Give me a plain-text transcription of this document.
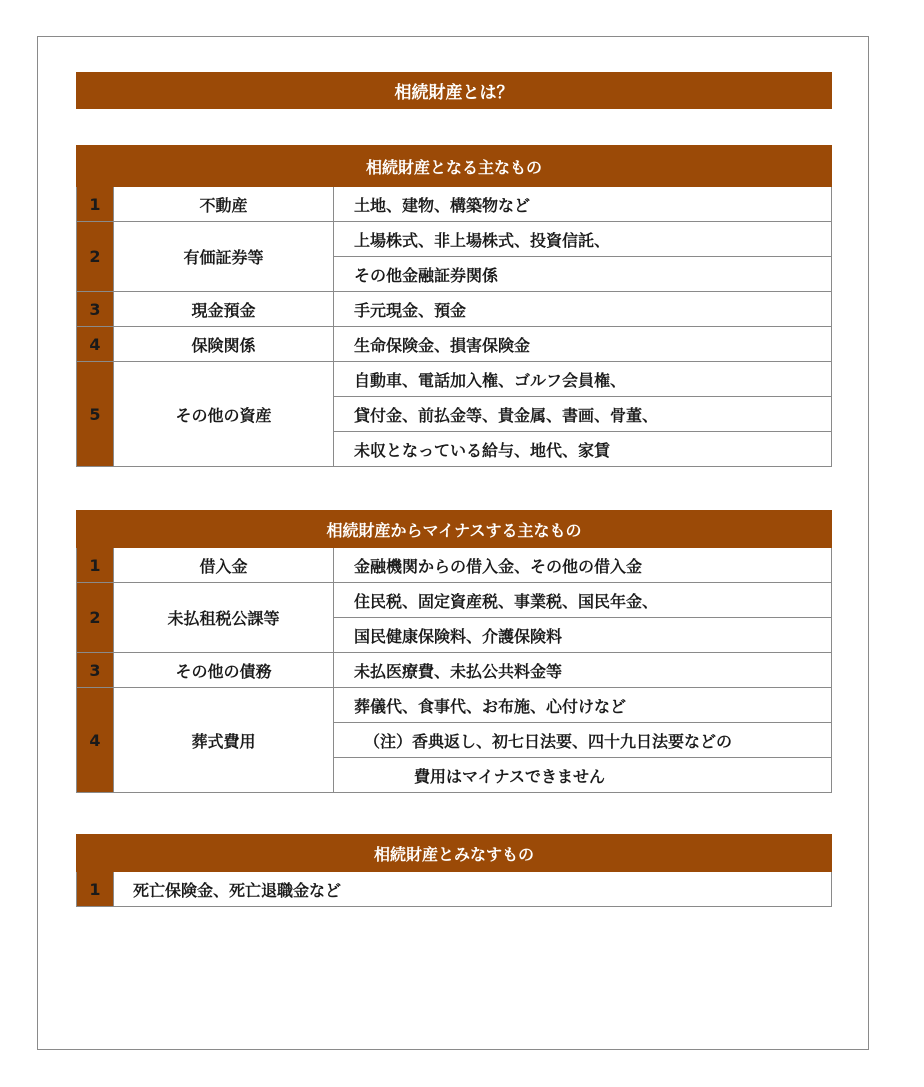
相続財産とは？
相続財産となる主なもの		
1	不動産	土地、建物、構築物など
2	有価証券等	上場株式、非上場株式、投資信託、
		その他金融証券関係
3	現金預金	手元現金、預金
4	保険関係	生命保険金、損害保険金
5	その他の資産	自動車、電話加入権、ゴルフ会員権、
		貸付金、前払金等、貴金属、書画、骨董、
		未収となっている給与、地代、家賃
相続財産からマイナスする主なもの		
1	借入金	金融機関からの借入金、その他の借入金
2	未払租税公課等	住民税、固定資産税、事業税、国民年金、
		国民健康保険料、介護保険料
3	その他の債務	未払医療費、未払公共料金等
4	葬式費用	葬儀代、食事代、お布施、心付けなど
		（注）香典返し、初七日法要、四十九日法要などの
		費用はマイナスできません
相続財産とみなすもの
1	死亡保険金、死亡退職金など
